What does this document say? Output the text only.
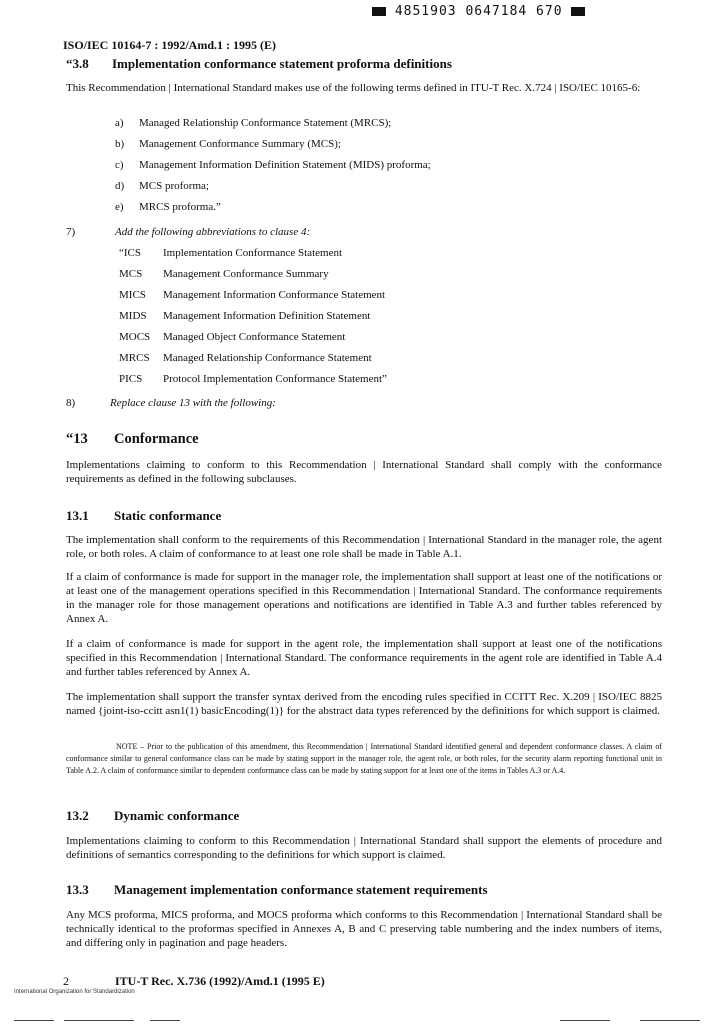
4851903 0647184 670
ISO/IEC 10164-7 : 1992/Amd.1 : 1995 (E)
“3.8 Implementation conformance statement proforma definitions

This Recommendation | International Standard makes use of the following terms defined in ITU-T Rec. X.724 | ISO/IEC 10165-6:

a) Managed Relationship Conformance Statement (MRCS);
b) Management Conformance Summary (MCS);
c) Management Information Definition Statement (MIDS) proforma;
d) MCS proforma;
e) MRCS proforma.”
7)	Add the following abbreviations to clause 4:
“ICS Implementation Conformance Statement
MCS Management Conformance Summary
MICS Management Information Conformance Statement
MIDS Management Information Definition Statement
MOCS Managed Object Conformance Statement
MRCS Managed Relationship Conformance Statement
PICS Protocol Implementation Conformance Statement”
8)	Replace clause 13 with the following:
“13 Conformance

Implementations claiming to conform to this Recommendation | International Standard shall comply with the conformance requirements as defined in the following subclauses.

13.1 Static conformance

The implementation shall conform to the requirements of this Recommendation | International Standard in the manager role, the agent role, or both roles. A claim of conformance to at least one role shall be made in Table A.1.

If a claim of conformance is made for support in the manager role, the implementation shall support at least one of the notifications or at least one of the management operations specified in this Recommendation | International Standard. The conformance requirements in the manager role for those management operations and notifications are identified in Table A.3 and further tables referenced by Annex A.

If a claim of conformance is made for support in the agent role, the implementation shall support at least one of the notifications specified in this Recommendation | International Standard. The conformance requirements in the agent role are identified in Table A.4 and further tables referenced by Annex A.

The implementation shall support the transfer syntax derived from the encoding rules specified in CCITT Rec. X.209 | ISO/IEC 8825 named {joint-iso-ccitt asn1(1) basicEncoding(1)} for the abstract data types referenced by the definitions for which support is claimed.

NOTE – Prior to the publication of this amendment, this Recommendation | International Standard identified general and dependent conformance classes. A claim of conformance similar to general conformance class can be made by stating support in the manager role, the agent role, or both roles, for the security alarm reporting functional unit in Table A.2. A claim of conformance similar to dependent conformance class can be made by stating support for at least one of the items in Tables A.3 or A.4.
13.2 Dynamic conformance

Implementations claiming to conform to this Recommendation | International Standard shall support the elements of procedure and definitions of semantics corresponding to the definitions for which support is claimed.

13.3 Management implementation conformance statement requirements

Any MCS proforma, MICS proforma, and MOCS proforma which conforms to this Recommendation | International Standard shall be technically identical to the proformas specified in Annexes A, B and C preserving table numbering and the index numbers of items, and differing only in pagination and page headers.

2	ITU-T Rec. X.736 (1992)/Amd.1 (1995 E)
International Organization for Standardization
